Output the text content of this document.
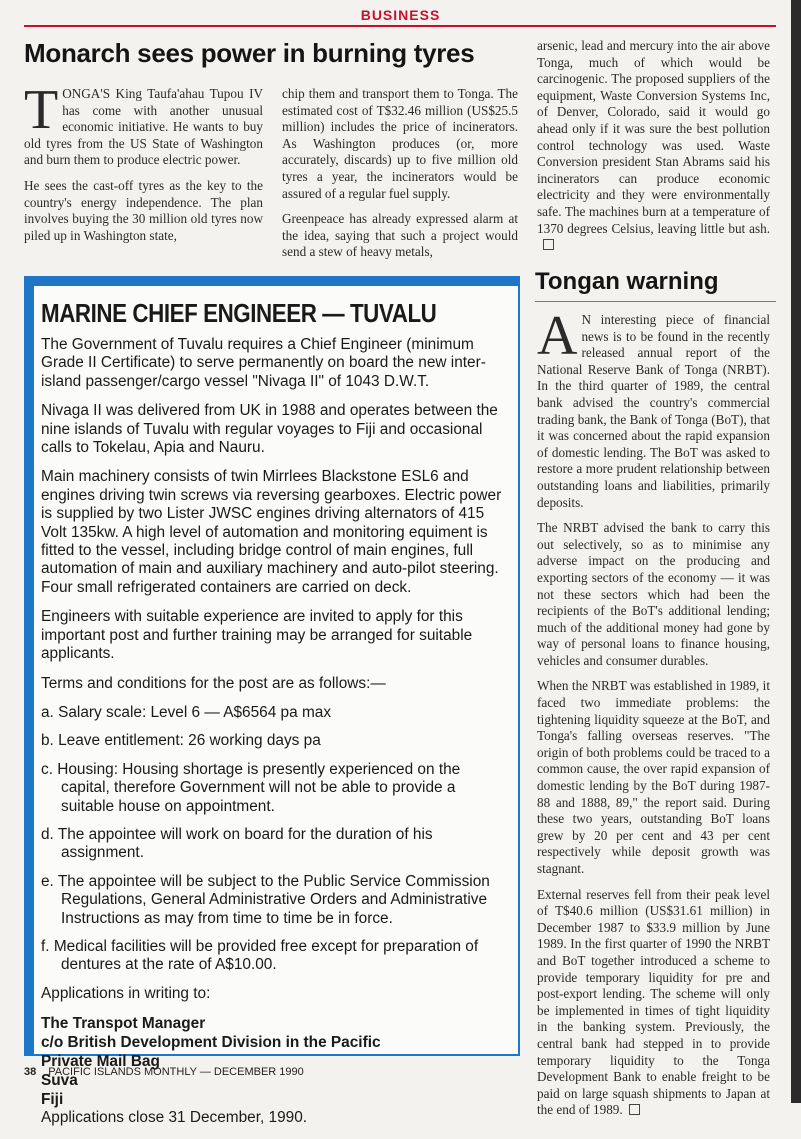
BUSINESS
Monarch sees power in burning tyres

TONGA'S King Taufa'ahau Tupou IV has come with another unusual economic initiative. He wants to buy old tyres from the US State of Washington and burn them to produce electric power.

He sees the cast-off tyres as the key to the country's energy independence. The plan involves buying the 30 million old tyres now piled up in Washington state,

chip them and transport them to Tonga. The estimated cost of T$32.46 million (US$25.5 million) includes the price of incinerators. As Washington produces (or, more accurately, discards) up to five million old tyres a year, the incinerators would be assured of a regular fuel supply.

Greenpeace has already expressed alarm at the idea, saying that such a project would send a stew of heavy metals,

arsenic, lead and mercury into the air above Tonga, much of which would be carcinogenic. The proposed suppliers of the equipment, Waste Conversion Systems Inc, of Denver, Colorado, said it would go ahead only if it was sure the best pollution control technology was used. Waste Conversion president Stan Abrams said his incinerators can produce economic electricity and they were environmentally safe. The machines burn at a temperature of 1370 degrees Celsius, leaving little but ash.

MARINE CHIEF ENGINEER — TUVALU

The Government of Tuvalu requires a Chief Engineer (minimum Grade II Certificate) to serve permanently on board the new inter-island passenger/cargo vessel "Nivaga II" of 1043 D.W.T.

Nivaga II was delivered from UK in 1988 and operates between the nine islands of Tuvalu with regular voyages to Fiji and occasional calls to Tokelau, Apia and Nauru.

Main machinery consists of twin Mirrlees Blackstone ESL6 and engines driving twin screws via reversing gearboxes. Electric power is supplied by two Lister JWSC engines driving alternators of 415 Volt 135kw. A high level of automation and monitoring equiment is fitted to the vessel, including bridge control of main engines, full automation of main and auxiliary machinery and auto-pilot steering. Four small refrigerated containers are carried on deck.

Engineers with suitable experience are invited to apply for this important post and further training may be arranged for suitable applicants.

Terms and conditions for the post are as follows:—

a. Salary scale: Level 6 — A$6564 pa max
b. Leave entitlement: 26 working days pa
c. Housing: Housing shortage is presently experienced on the capital, therefore Government will not be able to provide a suitable house on appointment.
d. The appointee will work on board for the duration of his assignment.
e. The appointee will be subject to the Public Service Commission Regulations, General Administrative Orders and Administrative Instructions as may from time to time be in force.
f. Medical facilities will be provided free except for preparation of dentures at the rate of A$10.00.

Applications in writing to:

The Transpot Manager
c/o British Development Division in the Pacific
Private Mail Bag
Suva
Fiji

Applications close 31 December, 1990.

Tongan warning

A N interesting piece of financial news is to be found in the recently released annual report of the National Reserve Bank of Tonga (NRBT). In the third quarter of 1989, the central bank advised the country's commercial trading bank, the Bank of Tonga (BoT), that it was concerned about the rapid expansion of domestic lending. The BoT was asked to restore a more prudent relationship between outstanding loans and liabilities, primarily deposits.

The NRBT advised the bank to carry this out selectively, so as to minimise any adverse impact on the producing and exporting sectors of the economy — it was not these sectors which had been the recipients of the BoT's additional lending; much of the additional money had gone by way of personal loans to finance housing, vehicles and consumer durables.

When the NRBT was established in 1989, it faced two immediate problems: the tightening liquidity squeeze at the BoT, and Tonga's falling overseas reserves. "The origin of both problems could be traced to a common cause, the over rapid expansion of domestic lending by the BoT during 1987-88 and 1888, 89," the report said. During these two years, outstanding BoT loans grew by 20 per cent and 43 per cent respectively while deposit growth was stagnant.

External reserves fell from their peak level of T$40.6 million (US$31.61 million) in December 1987 to $33.9 million by June 1989. In the first quarter of 1990 the NRBT and BoT together introduced a scheme to provide temporary liquidity for pre and post-export lending. The scheme will only be implemented in times of tight liquidity in the banking system. Previously, the central bank had stepped in to provide temporary liquidity to the Tonga Development Bank to enable freight to be paid on large squash shipments to Japan at the end of 1989.

38 PACIFIC ISLANDS MONTHLY — DECEMBER 1990
